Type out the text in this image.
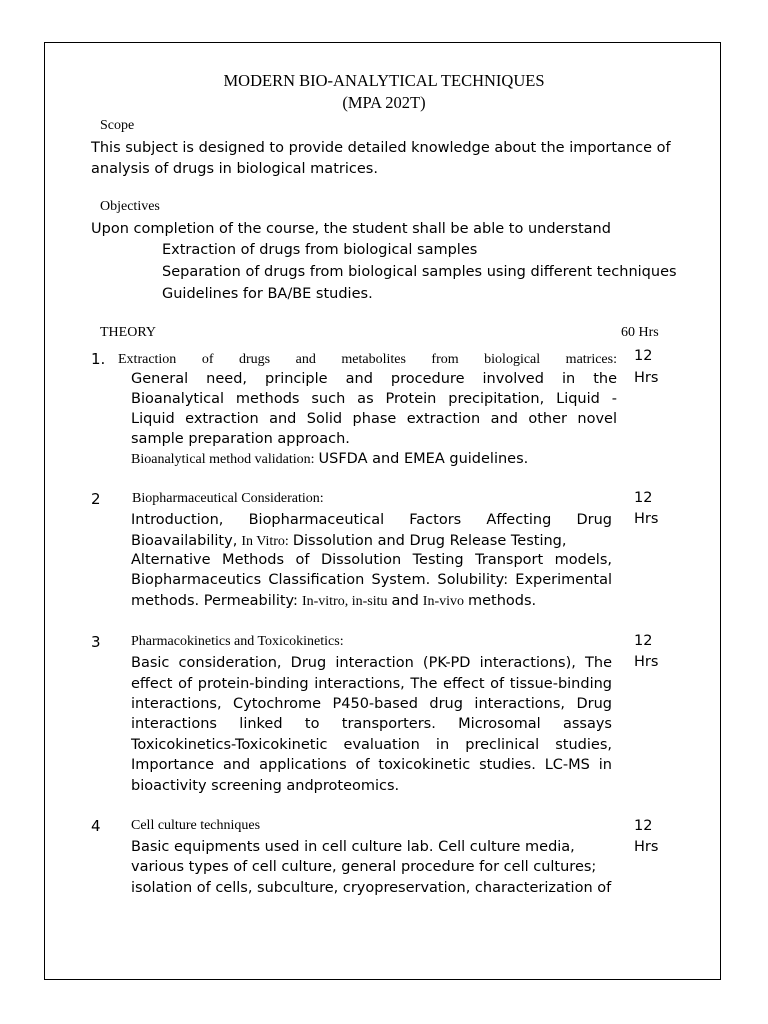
MODERN BIO-ANALYTICAL TECHNIQUES
(MPA 202T)
Scope
This subject is designed to provide detailed knowledge about the importance of
analysis of drugs in biological matrices.
Objectives
Upon completion of the course, the student shall be able to understand
Extraction of drugs from biological samples
Separation of drugs from biological samples using different techniques
Guidelines for BA/BE studies.
THEORY	60 Hrs
1. Extraction of drugs and metabolites from biological matrices: 12
Hrs
General need, principle and procedure involved in the
Bioanalytical methods such as Protein precipitation, Liquid -
Liquid extraction and Solid phase extraction and other novel
sample preparation approach.
Bioanalytical method validation: USFDA and EMEA guidelines.
2 Biopharmaceutical Consideration:	12
Hrs
Introduction, Biopharmaceutical Factors Affecting Drug
Bioavailability, In Vitro: Dissolution and Drug Release Testing,
Alternative Methods of Dissolution Testing Transport models,
Biopharmaceutics Classification System. Solubility: Experimental
methods. Permeability: In-vitro, in-situ and In-vivo methods.
3 Pharmacokinetics and Toxicokinetics:	12
Hrs
Basic consideration, Drug interaction (PK-PD interactions), The
effect of protein-binding interactions, The effect of tissue-binding
interactions, Cytochrome P450-based drug interactions, Drug
interactions linked to transporters. Microsomal assays
Toxicokinetics-Toxicokinetic evaluation in preclinical studies,
Importance and applications of toxicokinetic studies. LC-MS in
bioactivity screening andproteomics.
4 Cell culture techniques	12
Hrs
Basic equipments used in cell culture lab. Cell culture media,
various types of cell culture, general procedure for cell cultures;
isolation of cells, subculture, cryopreservation, characterization of
